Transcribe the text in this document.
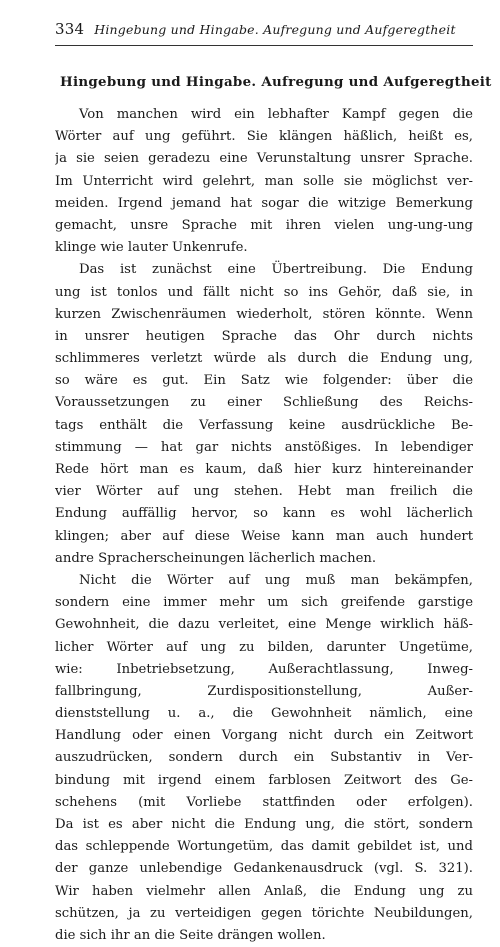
334 Hingebung und Hingabe. Aufregung und Aufgeregtheit
Hingebung und Hingabe. Aufregung und Aufgeregtheit
Von manchen wird ein lebhafter Kampf gegen die
Wörter auf ung geführt. Sie klängen häßlich, heißt es,
ja sie seien geradezu eine Verunstaltung unsrer Sprache.
Im Unterricht wird gelehrt, man solle sie möglichst ver-
meiden. Irgend jemand hat sogar die witzige Bemerkung
gemacht, unsre Sprache mit ihren vielen ung-ung-ung
klinge wie lauter Unkenrufe.
Das ist zunächst eine Übertreibung. Die Endung
ung ist tonlos und fällt nicht so ins Gehör, daß sie, in
kurzen Zwischenräumen wiederholt, stören könnte. Wenn
in unsrer heutigen Sprache das Ohr durch nichts
schlimmeres verletzt würde als durch die Endung ung,
so wäre es gut. Ein Satz wie folgender: über die
Voraussetzungen zu einer Schließung des Reichs-
tags enthält die Verfassung keine ausdrückliche Be-
stimmung — hat gar nichts anstößiges. In lebendiger
Rede hört man es kaum, daß hier kurz hintereinander
vier Wörter auf ung stehen. Hebt man freilich die
Endung auffällig hervor, so kann es wohl lächerlich
klingen; aber auf diese Weise kann man auch hundert
andre Spracherscheinungen lächerlich machen.
Nicht die Wörter auf ung muß man bekämpfen,
sondern eine immer mehr um sich greifende garstige
Gewohnheit, die dazu verleitet, eine Menge wirklich häß-
licher Wörter auf ung zu bilden, darunter Ungetüme,
wie: Inbetriebsetzung, Außerachtlassung, Inweg-
fallbringung, Zurdispositionstellung, Außer-
dienststellung u. a., die Gewohnheit nämlich, eine
Handlung oder einen Vorgang nicht durch ein Zeitwort
auszudrücken, sondern durch ein Substantiv in Ver-
bindung mit irgend einem farblosen Zeitwort des Ge-
schehens (mit Vorliebe stattfinden oder erfolgen).
Da ist es aber nicht die Endung ung, die stört, sondern
das schleppende Wortungetüm, das damit gebildet ist, und
der ganze unlebendige Gedankenausdruck (vgl. S. 321).
Wir haben vielmehr allen Anlaß, die Endung ung zu
schützen, ja zu verteidigen gegen törichte Neubildungen,
die sich ihr an die Seite drängen wollen.
